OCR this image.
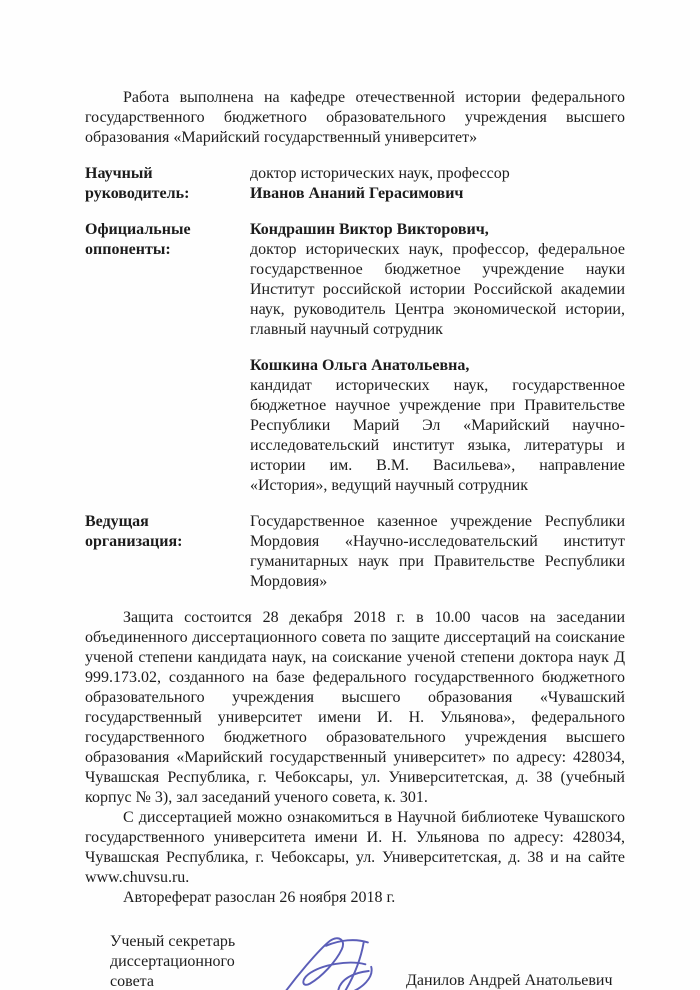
Работа выполнена на кафедре отечественной истории федерального государственного бюджетного образовательного учреждения высшего образования «Марийский государственный университет»

Научный руководитель:
доктор исторических наук, профессор
Иванов Ананий Герасимович
Официальные оппоненты:
Кондрашин Виктор Викторович,
доктор исторических наук, профессор, федеральное государственное бюджетное учреждение науки Институт российской истории Российской академии наук, руководитель Центра экономической истории, главный научный сотрудник
Кошкина Ольга Анатольевна,
кандидат исторических наук, государственное бюджетное научное учреждение при Правительстве Республики Марий Эл «Марийский научно-исследовательский институт языка, литературы и истории им. В.М. Васильева», направление «История», ведущий научный сотрудник
Ведущая организация:
Государственное казенное учреждение Республики Мордовия «Научно-исследовательский институт гуманитарных наук при Правительстве Республики Мордовия»

Защита состоится 28 декабря 2018 г. в 10.00 часов на заседании объединенного диссертационного совета по защите диссертаций на соискание ученой степени кандидата наук, на соискание ученой степени доктора наук Д 999.173.02, созданного на базе федерального государственного бюджетного образовательного учреждения высшего образования «Чувашский государственный университет имени И. Н. Ульянова», федерального государственного бюджетного образовательного учреждения высшего образования «Марийский государственный университет» по адресу: 428034, Чувашская Республика, г. Чебоксары, ул. Университетская, д. 38 (учебный корпус № 3), зал заседаний ученого совета, к. 301.

С диссертацией можно ознакомиться в Научной библиотеке Чувашского государственного университета имени И. Н. Ульянова по адресу: 428034, Чувашская Республика, г. Чебоксары, ул. Университетская, д. 38 и на сайте www.chuvsu.ru.

Автореферат разослан 26 ноября 2018 г.

Ученый секретарь
диссертационного совета	Данилов Андрей Анатольевич
